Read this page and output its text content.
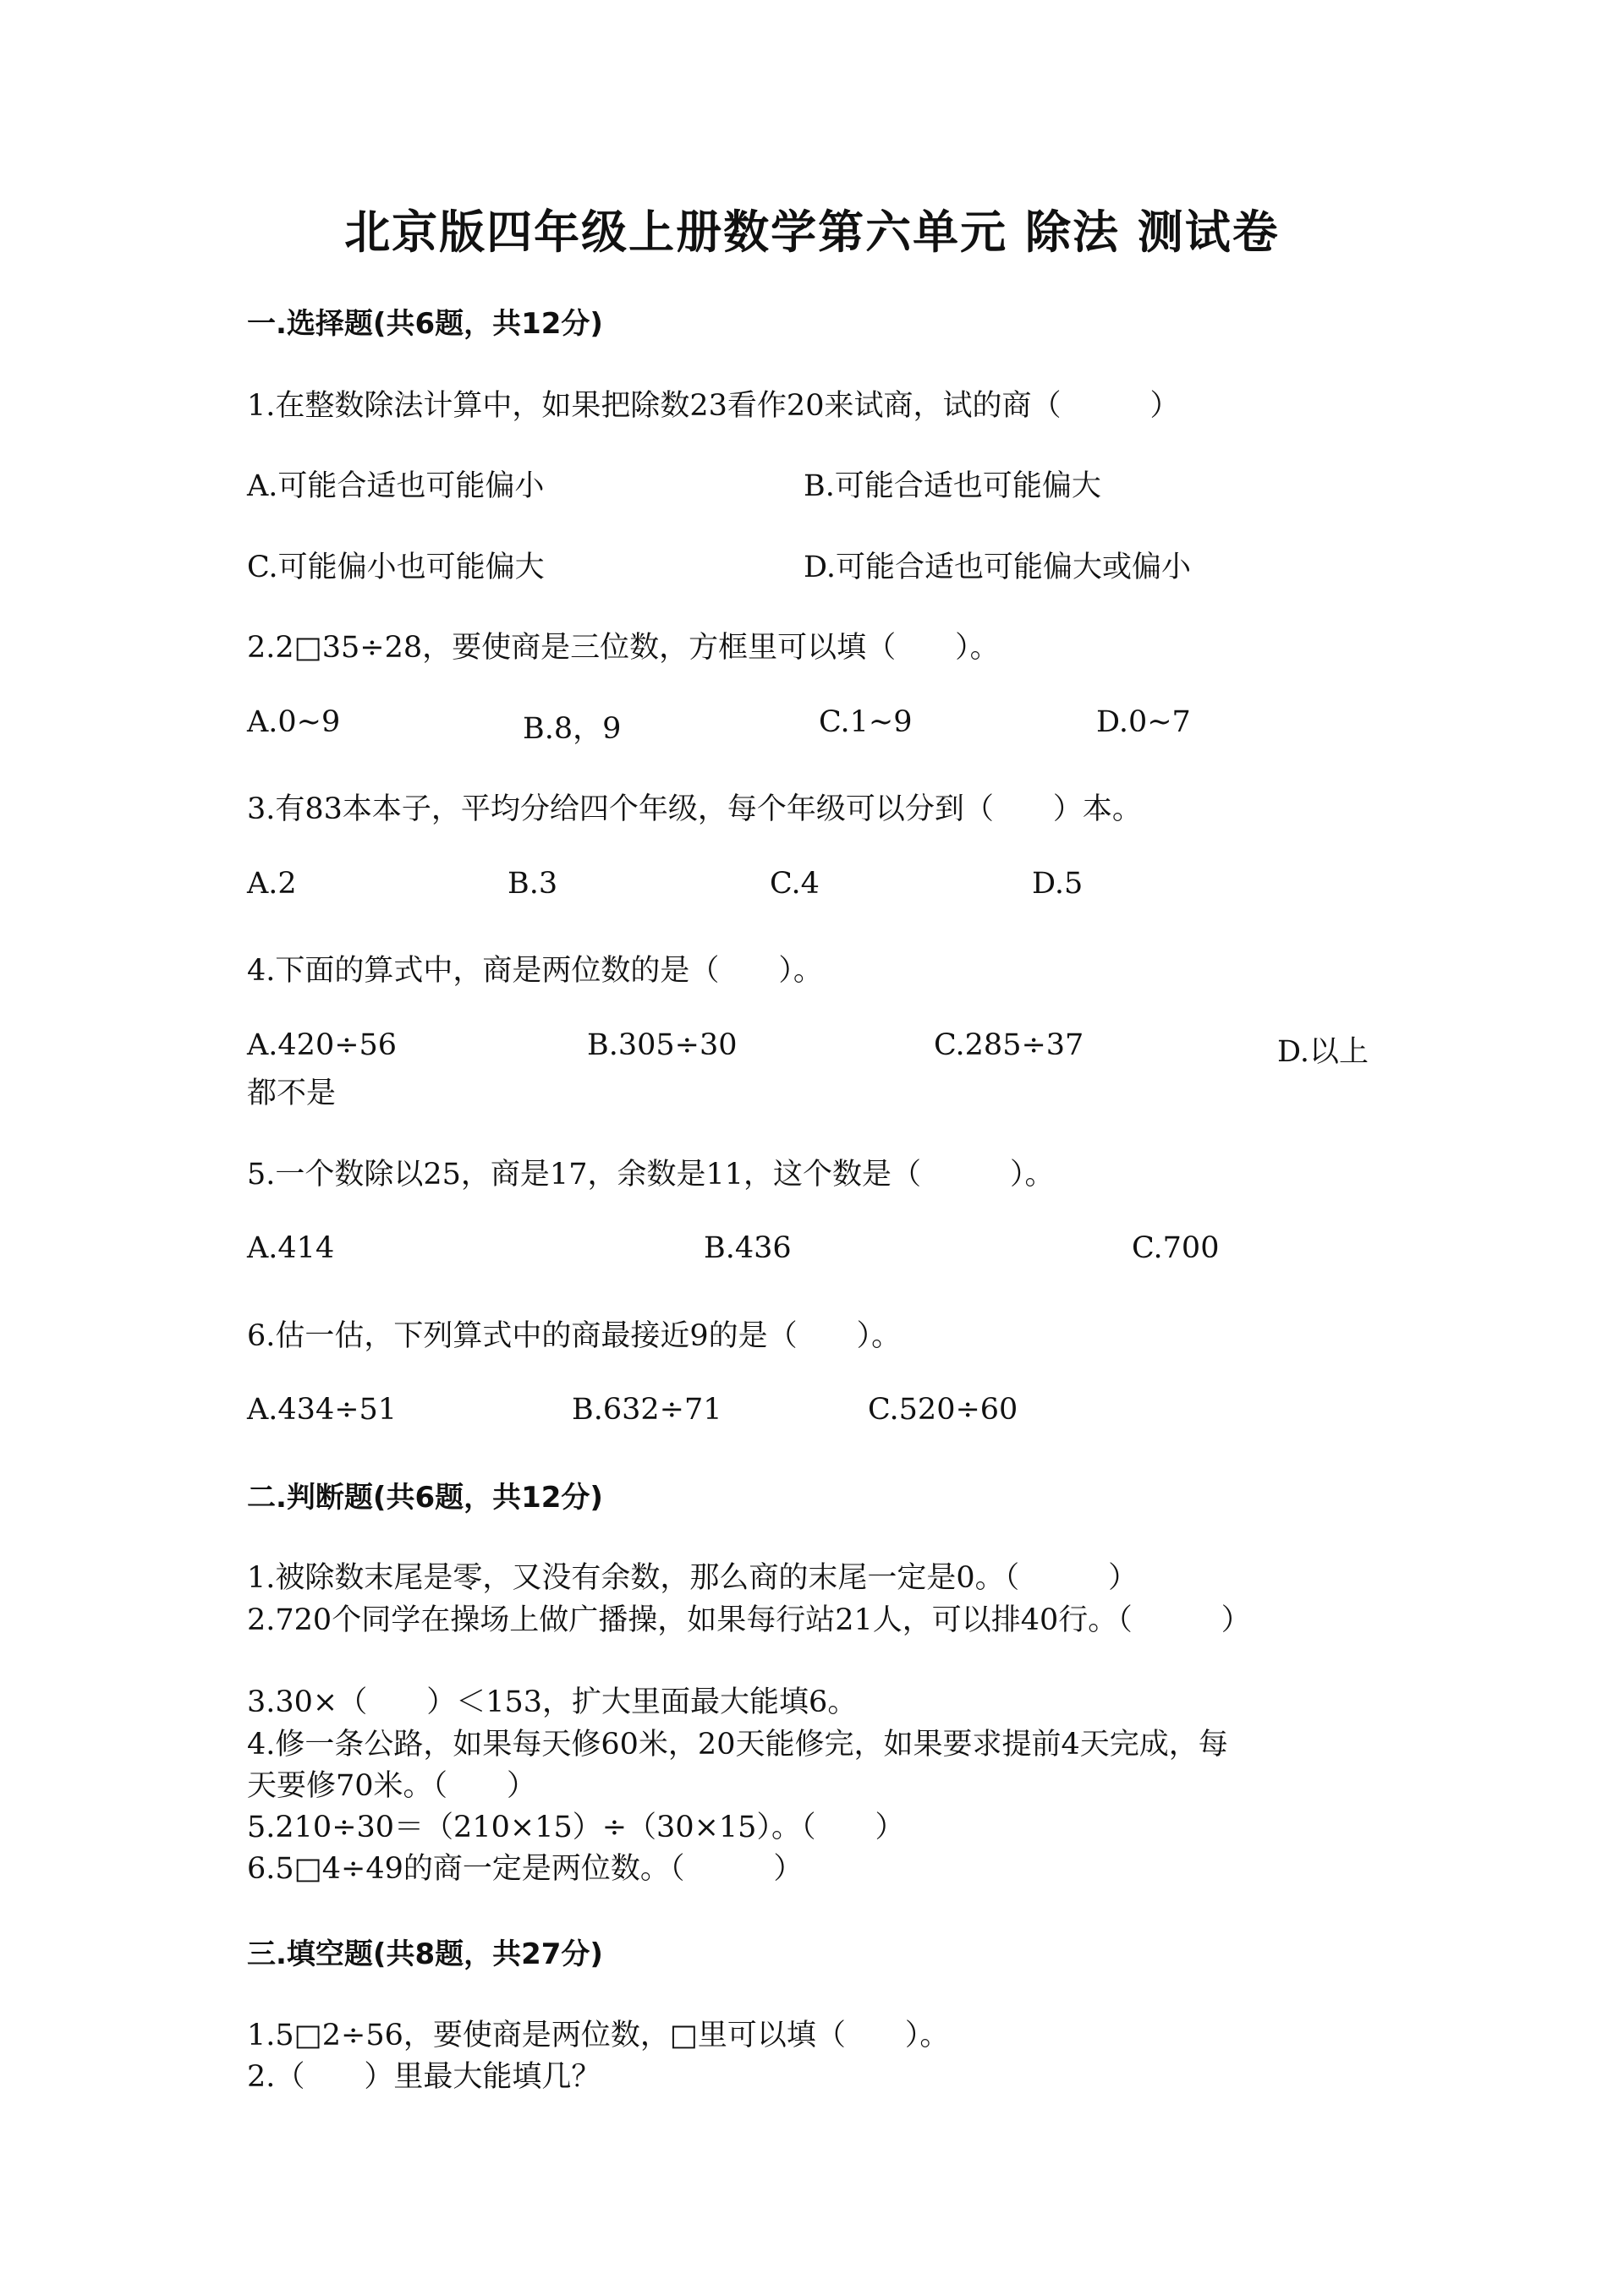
北京版四年级上册数学第六单元 除法 测试卷
一.选择题(共6题，共12分)
1.在整数除法计算中，如果把除数23看作20来试商，试的商（　　　）
A.可能合适也可能偏小	B.可能合适也可能偏大
C.可能偏小也可能偏大	D.可能合适也可能偏大或偏小
2.2□35÷28，要使商是三位数，方框里可以填（　　）。
A.0~9	B.8，9	C.1~9	D.0~7
3.有83本本子，平均分给四个年级，每个年级可以分到（　　）本。
A.2	B.3	C.4	D.5
4.下面的算式中，商是两位数的是（　　）。
A.420÷56	B.305÷30	C.285÷37	D.以上
都不是
5.一个数除以25，商是17，余数是11，这个数是（　　　）。
A.414	B.436	C.700
6.估一估，下列算式中的商最接近9的是（　　）。
A.434÷51	B.632÷71	C.520÷60
二.判断题(共6题，共12分)
1.被除数末尾是零，又没有余数，那么商的末尾一定是0。（　　　）
2.720个同学在操场上做广播操，如果每行站21人，可以排40行。（　　　）
3.30×（　　）＜153，扩大里面最大能填6。
4.修一条公路，如果每天修60米，20天能修完，如果要求提前4天完成，每
天要修70米。（　　）
5.210÷30＝（210×15）÷（30×15）。（　　）
6.5□4÷49的商一定是两位数。（　　　）
三.填空题(共8题，共27分)
1.5□2÷56，要使商是两位数，□里可以填（　　）。
2.（　　）里最大能填几？
